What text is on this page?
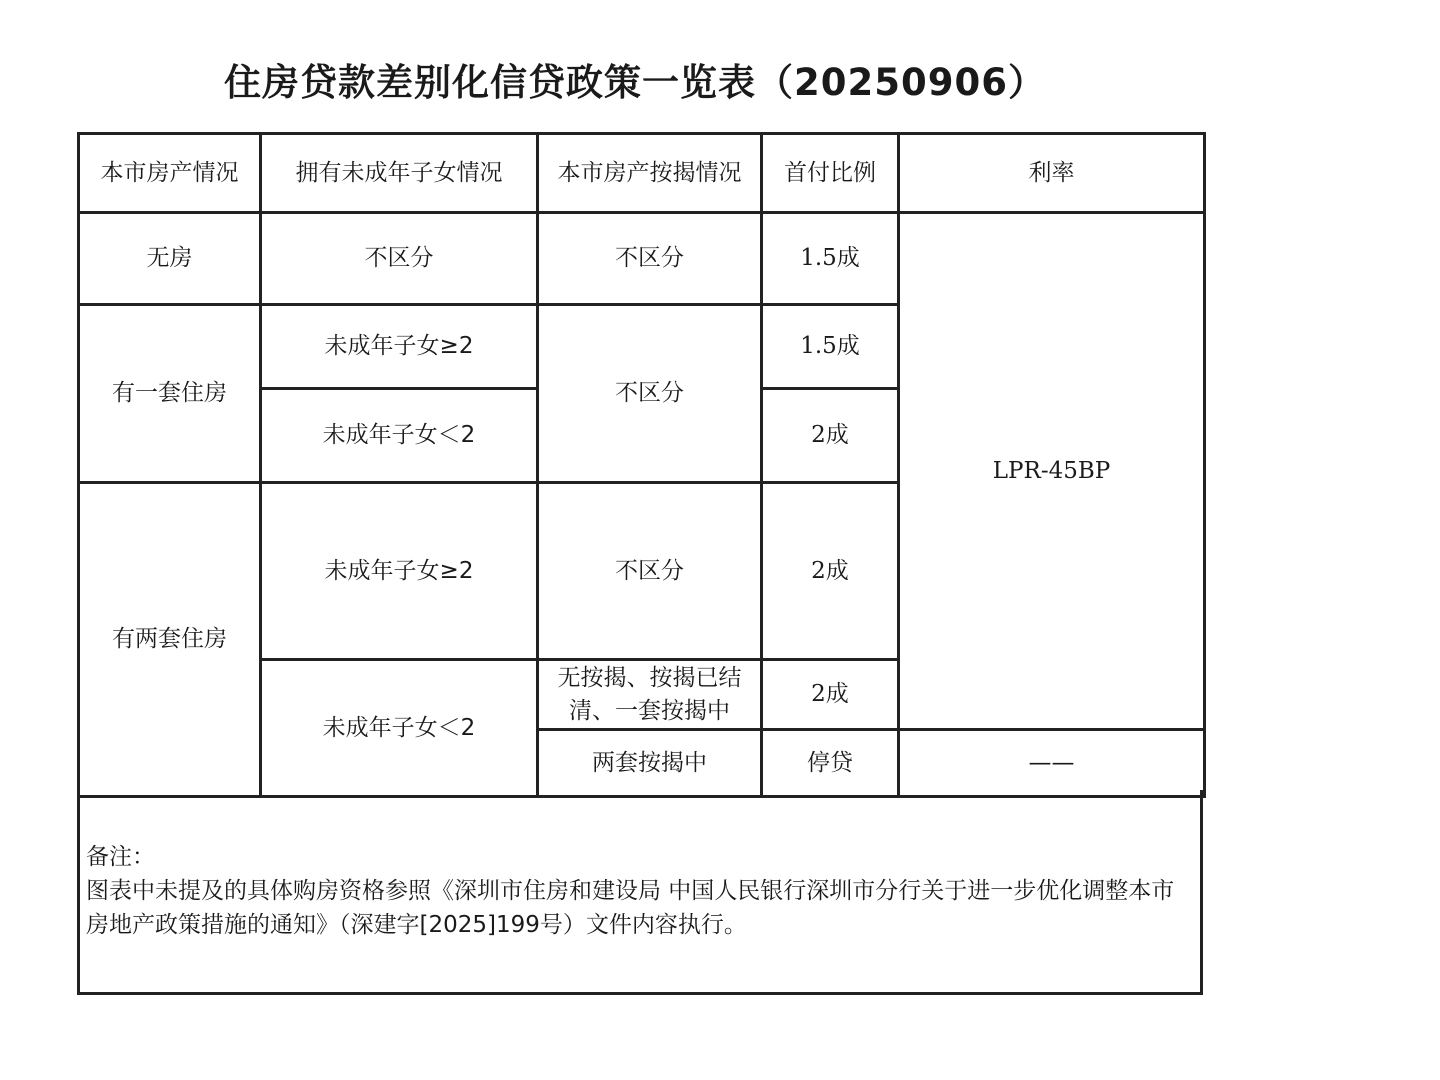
住房贷款差别化信贷政策一览表（20250906）
本市房产情况	拥有未成年子女情况	本市房产按揭情况	首付比例	利率
无房	不区分	不区分	1.5成	LPR-45BP
有一套住房	未成年子女≥2	不区分	1.5成	
	未成年子女＜2		2成	
有两套住房	未成年子女≥2	不区分	2成	
	未成年子女＜2	无按揭、按揭已结清、一套按揭中	2成	
		两套按揭中	停贷	——
备注：
图表中未提及的具体购房资格参照《深圳市住房和建设局 中国人民银行深圳市分行关于进一步优化调整本市房地产政策措施的通知》（深建字[2025]199号）文件内容执行。
